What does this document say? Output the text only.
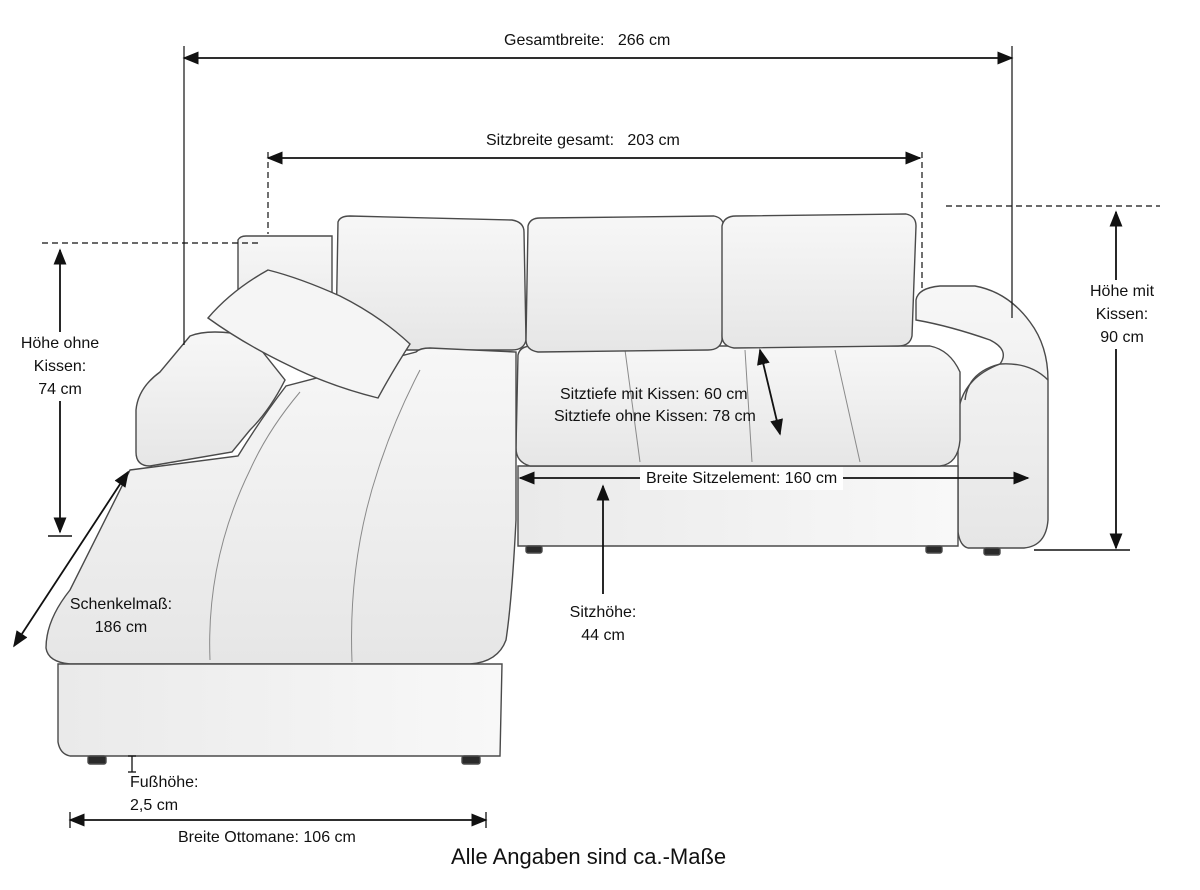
Gesamtbreite: 266 cm
Sitzbreite gesamt: 203 cm
Höhe mit
Kissen:
90 cm
Höhe ohne
Kissen:
74 cm	Sitztiefe mit Kissen: 60 cm
Sitztiefe ohne Kissen: 78 cm
Breite Sitzelement: 160 cm
Sitzhöhe:
44 cm
Schenkelmaß:
186 cm
Fußhöhe:
2,5 cm
Breite Ottomane: 106 cm
Alle Angaben sind ca.-Maße
